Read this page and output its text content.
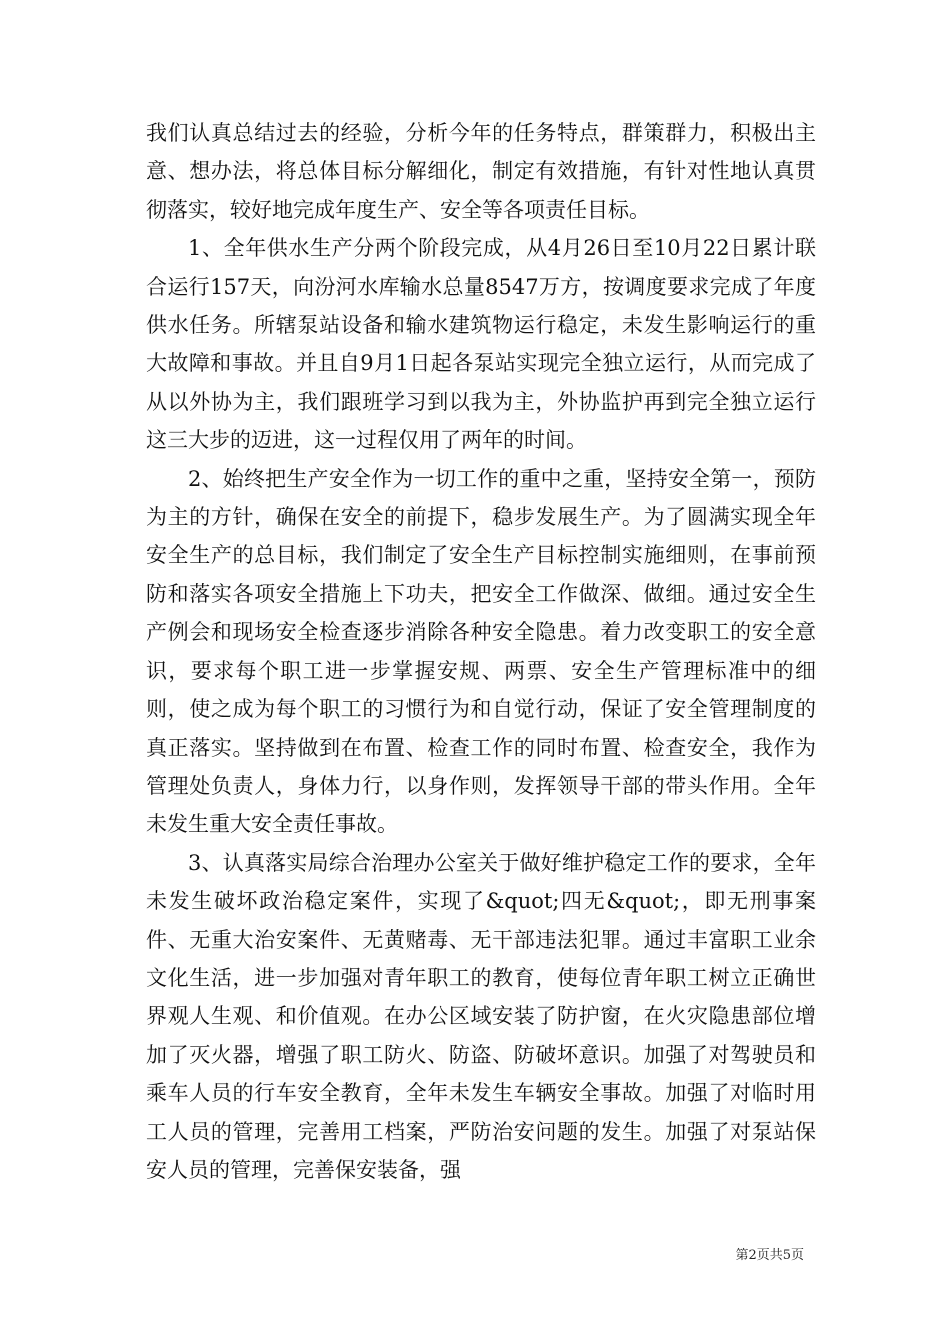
我们认真总结过去的经验，分析今年的任务特点，群策群力，积极出主意、想办法，将总体目标分解细化，制定有效措施，有针对性地认真贯彻落实，较好地完成年度生产、安全等各项责任目标。

1、全年供水生产分两个阶段完成，从4月26日至10月22日累计联合运行157天，向汾河水库输水总量8547万方，按调度要求完成了年度供水任务。所辖泵站设备和输水建筑物运行稳定，未发生影响运行的重大故障和事故。并且自9月1日起各泵站实现完全独立运行，从而完成了从以外协为主，我们跟班学习到以我为主，外协监护再到完全独立运行这三大步的迈进，这一过程仅用了两年的时间。

2、始终把生产安全作为一切工作的重中之重，坚持安全第一，预防为主的方针，确保在安全的前提下，稳步发展生产。为了圆满实现全年安全生产的总目标，我们制定了安全生产目标控制实施细则，在事前预防和落实各项安全措施上下功夫，把安全工作做深、做细。通过安全生产例会和现场安全检查逐步消除各种安全隐患。着力改变职工的安全意识，要求每个职工进一步掌握安规、两票、安全生产管理标准中的细则，使之成为每个职工的习惯行为和自觉行动，保证了安全管理制度的真正落实。坚持做到在布置、检查工作的同时布置、检查安全，我作为管理处负责人，身体力行，以身作则，发挥领导干部的带头作用。全年未发生重大安全责任事故。

3、认真落实局综合治理办公室关于做好维护稳定工作的要求，全年未发生破坏政治稳定案件，实现了&quot;四无&quot;，即无刑事案件、无重大治安案件、无黄赌毒、无干部违法犯罪。通过丰富职工业余文化生活，进一步加强对青年职工的教育，使每位青年职工树立正确世界观人生观、和价值观。在办公区域安装了防护窗，在火灾隐患部位增加了灭火器，增强了职工防火、防盗、防破坏意识。加强了对驾驶员和乘车人员的行车安全教育，全年未发生车辆安全事故。加强了对临时用工人员的管理，完善用工档案，严防治安问题的发生。加强了对泵站保安人员的管理，完善保安装备，强

第2页共5页
